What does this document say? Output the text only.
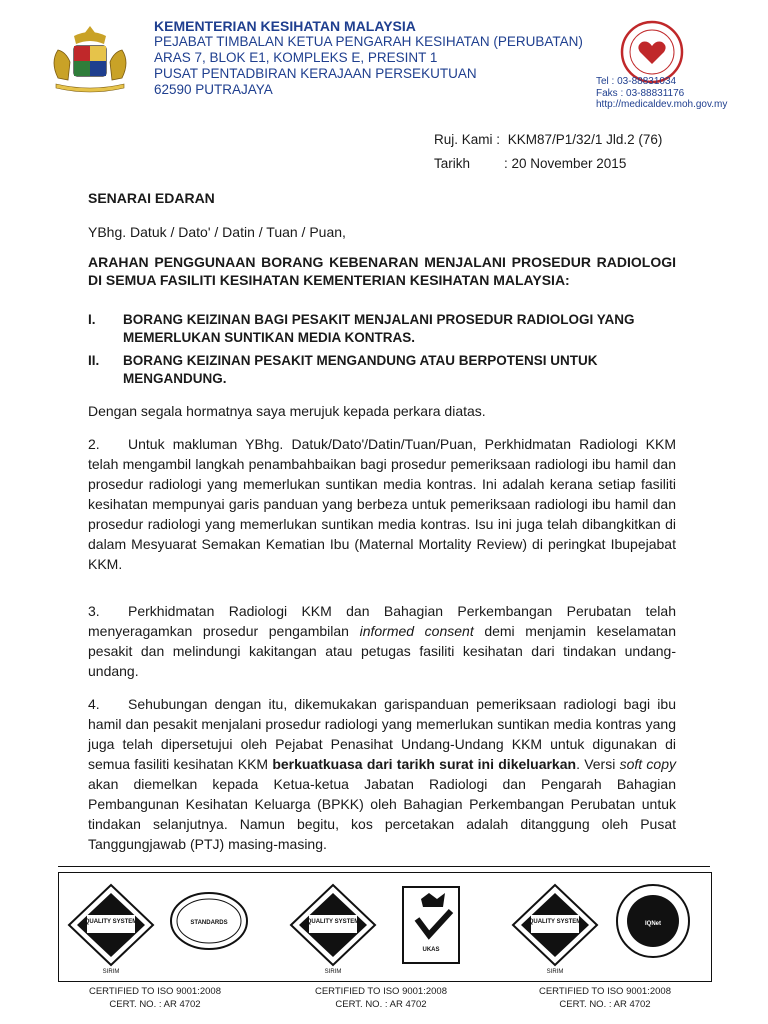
KEMENTERIAN KESIHATAN MALAYSIA
PEJABAT TIMBALAN KETUA PENGARAH KESIHATAN (PERUBATAN)
ARAS 7, BLOK E1, KOMPLEKS E, PRESINT 1
PUSAT PENTADBIRAN KERAJAAN PERSEKUTUAN
62590 PUTRAJAYA
Tel : 03-88831034
Faks : 03-88831176
http://medicaldev.moh.gov.my
Ruj. Kami : KKM87/P1/32/1 Jld.2 (76)
Tarikh	: 20 November 2015
SENARAI EDARAN
YBhg. Datuk / Dato' / Datin / Tuan / Puan,
ARAHAN PENGGUNAAN BORANG KEBENARAN MENJALANI PROSEDUR RADIOLOGI DI SEMUA FASILITI KESIHATAN KEMENTERIAN KESIHATAN MALAYSIA:
I.	BORANG KEIZINAN BAGI PESAKIT MENJALANI PROSEDUR RADIOLOGI YANG MEMERLUKAN SUNTIKAN MEDIA KONTRAS.
II.	BORANG KEIZINAN PESAKIT MENGANDUNG ATAU BERPOTENSI UNTUK MENGANDUNG.
Dengan segala hormatnya saya merujuk kepada perkara diatas.
2. Untuk makluman YBhg. Datuk/Dato'/Datin/Tuan/Puan, Perkhidmatan Radiologi KKM telah mengambil langkah penambahbaikan bagi prosedur pemeriksaan radiologi ibu hamil dan prosedur radiologi yang memerlukan suntikan media kontras. Ini adalah kerana setiap fasiliti kesihatan mempunyai garis panduan yang berbeza untuk pemeriksaan radiologi ibu hamil dan prosedur radiologi yang memerlukan suntikan media kontras. Isu ini juga telah dibangkitkan di dalam Mesyuarat Semakan Kematian Ibu (Maternal Mortality Review) di peringkat Ibupejabat KKM.
3. Perkhidmatan Radiologi KKM dan Bahagian Perkembangan Perubatan telah menyeragamkan prosedur pengambilan informed consent demi menjamin keselamatan pesakit dan melindungi kakitangan atau petugas fasiliti kesihatan dari tindakan undang-undang.
4. Sehubungan dengan itu, dikemukakan garispanduan pemeriksaan radiologi bagi ibu hamil dan pesakit menjalani prosedur radiologi yang memerlukan suntikan media kontras yang juga telah dipersetujui oleh Pejabat Penasihat Undang-Undang KKM untuk digunakan di semua fasiliti kesihatan KKM berkuatkuasa dari tarikh surat ini dikeluarkan. Versi soft copy akan diemelkan kepada Ketua-ketua Jabatan Radiologi dan Pengarah Bahagian Pembangunan Kesihatan Keluarga (BPKK) oleh Bahagian Perkembangan Perubatan untuk tindakan selanjutnya. Namun begitu, kos percetakan adalah ditanggung oleh Pusat Tanggungjawab (PTJ) masing-masing.
QUALITY SYSTEM
SIRIM
STANDARDS	QUALITY SYSTEM
SIRIM
UKAS
QUALITY SYSTEM
SIRIM
IQNet
CERTIFIED TO ISO 9001:2008
CERT. NO. : AR 4702
CERTIFIED TO ISO 9001:2008
CERT. NO. : AR 4702
CERTIFIED TO ISO 9001:2008
CERT. NO. : AR 4702
